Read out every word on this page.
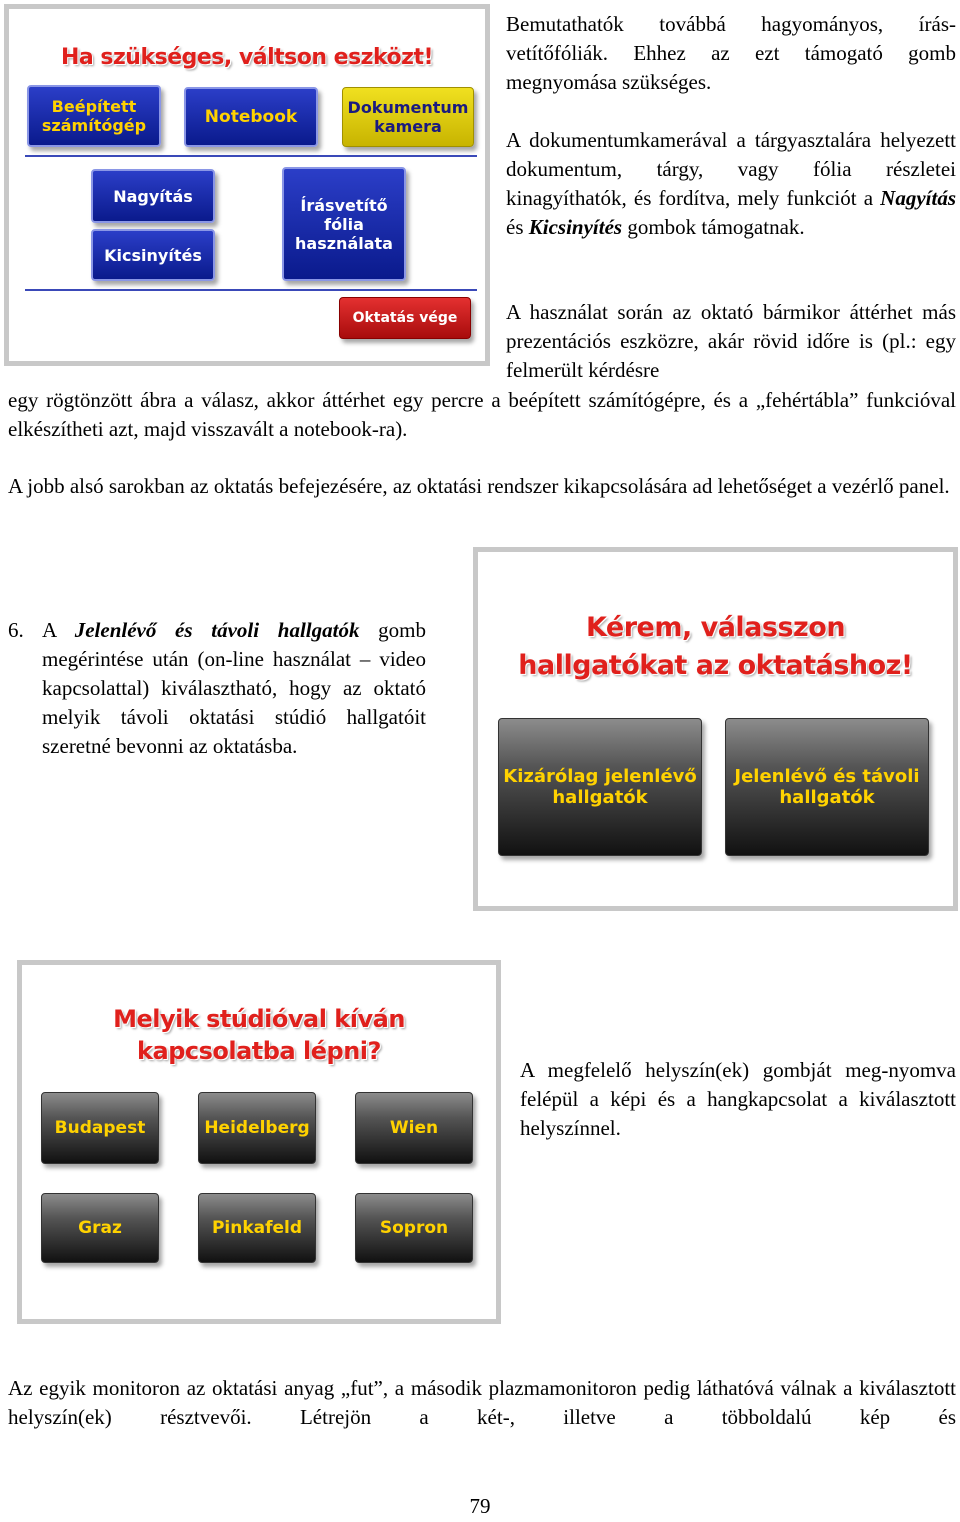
Ha szükséges, váltson eszközt!
Beépített számítógép	Notebook	Dokumentum kamera
Nagyítás
Kicsinyítés
Írásvetítő fólia használata
Oktatás vége

Bemutathatók továbbá hagyományos, írás-vetítőfóliák. Ehhez az ezt támogató gomb megnyomása szükséges.

A dokumentumkamerával a tárgyasztalára helyezett dokumentum, tárgy, vagy fólia részletei kinagyíthatók, és fordítva, mely funkciót a Nagyítás és Kicsinyítés gombok támogatnak.

A használat során az oktató bármikor áttérhet más prezentációs eszközre, akár rövid időre is (pl.: egy felmerült kérdésre

egy rögtönzött ábra a válasz, akkor áttérhet egy percre a beépített számítógépre, és a „fehértábla” funkcióval elkészítheti azt, majd visszavált a notebook-ra).

A jobb alsó sarokban az oktatás befejezésére, az oktatási rendszer kikapcsolására ad lehetőséget a vezérlő panel.

6. A Jelenlévő és távoli hallgatók gomb megérintése után (on-line használat – video kapcsolattal) kiválasztható, hogy az oktató melyik távoli oktatási stúdió hallgatóit szeretné bevonni az oktatásba.

Kérem, válasszon
hallgatókat az oktatáshoz!
Kizárólag jelenlévő hallgatók
Jelenlévő és távoli hallgatók
Melyik stúdióval kíván
kapcsolatba lépni?
Budapest	Heidelberg	Wien
Graz	Pinkafeld	Sopron

A megfelelő helyszín(ek) gombját meg-nyomva felépül a képi és a hangkapcsolat a kiválasztott helyszínnel.

Az egyik monitoron az oktatási anyag „fut”, a második plazmamonitoron pedig láthatóvá válnak a kiválasztott helyszín(ek) résztvevői. Létrejön a két-, illetve a többoldalú kép és

79
